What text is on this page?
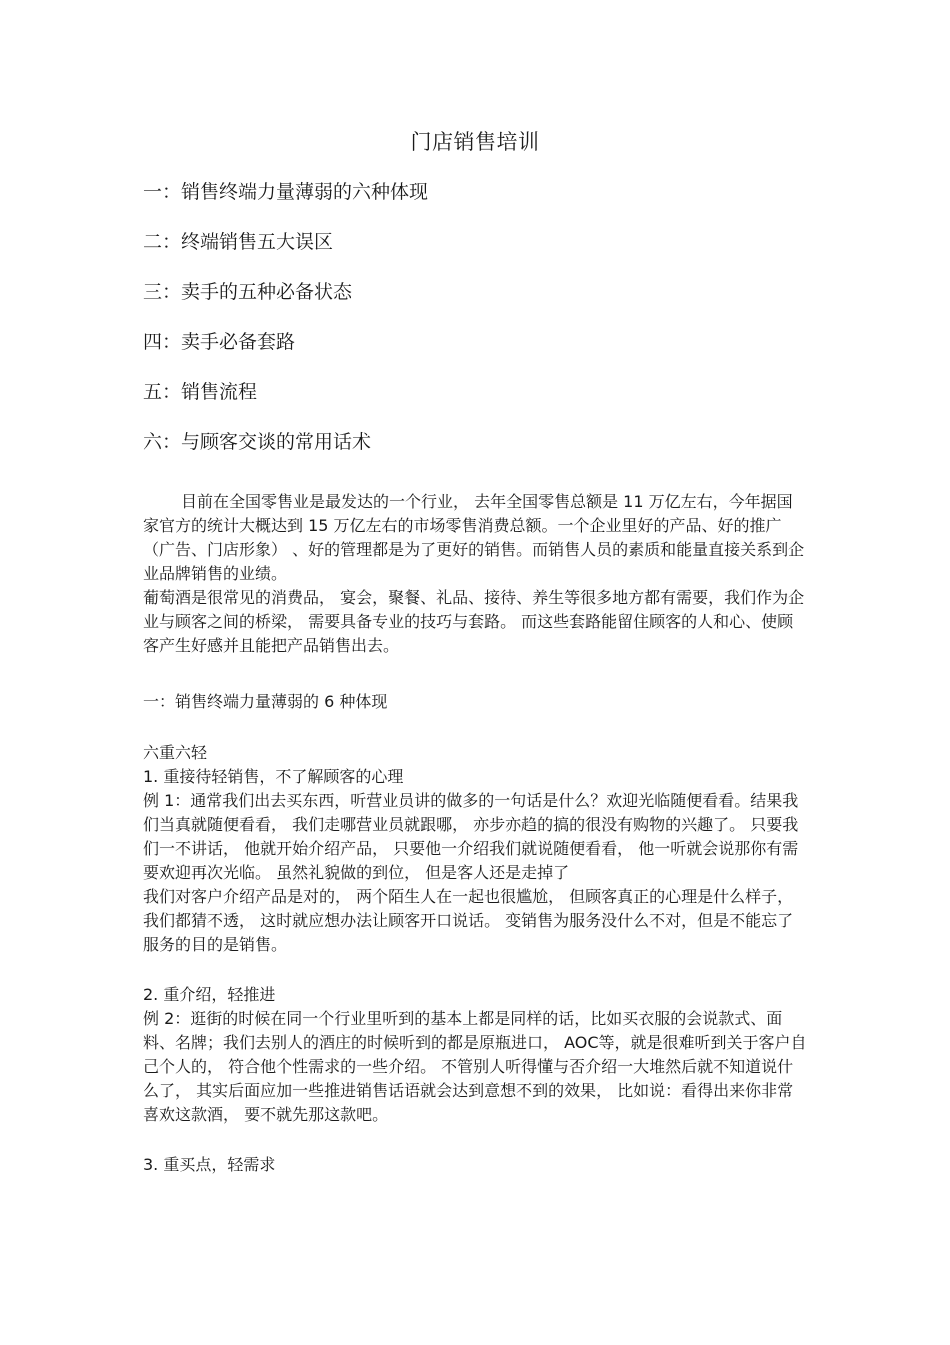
门店销售培训
一：销售终端力量薄弱的六种体现
二：终端销售五大误区
三：卖手的五种必备状态
四：卖手必备套路
五：销售流程
六：与顾客交谈的常用话术

目前在全国零售业是最发达的一个行业， 去年全国零售总额是 11 万亿左右，今年据国家官方的统计大概达到 15 万亿左右的市场零售消费总额。一个企业里好的产品、好的推广（广告、门店形象） 、好的管理都是为了更好的销售。而销售人员的素质和能量直接关系到企业品牌销售的业绩。

葡萄酒是很常见的消费品， 宴会，聚餐、礼品、接待、养生等很多地方都有需要，我们作为企业与顾客之间的桥梁， 需要具备专业的技巧与套路。 而这些套路能留住顾客的人和心、使顾客产生好感并且能把产品销售出去。

一：销售终端力量薄弱的 6 种体现

六重六轻

1. 重接待轻销售，不了解顾客的心理

例 1：通常我们出去买东西，听营业员讲的做多的一句话是什么？欢迎光临随便看看。结果我们当真就随便看看， 我们走哪营业员就跟哪， 亦步亦趋的搞的很没有购物的兴趣了。 只要我们一不讲话， 他就开始介绍产品， 只要他一介绍我们就说随便看看， 他一听就会说那你有需要欢迎再次光临。 虽然礼貌做的到位， 但是客人还是走掉了

我们对客户介绍产品是对的， 两个陌生人在一起也很尴尬， 但顾客真正的心理是什么样子， 我们都猜不透， 这时就应想办法让顾客开口说话。 变销售为服务没什么不对，但是不能忘了服务的目的是销售。

2. 重介绍，轻推进

例 2：逛街的时候在同一个行业里听到的基本上都是同样的话，比如买衣服的会说款式、面料、名牌；我们去别人的酒庄的时候听到的都是原瓶进口， AOC等，就是很难听到关于客户自己个人的， 符合他个性需求的一些介绍。 不管别人听得懂与否介绍一大堆然后就不知道说什么了， 其实后面应加一些推进销售话语就会达到意想不到的效果， 比如说：看得出来你非常喜欢这款酒， 要不就先那这款吧。

3. 重买点，轻需求
